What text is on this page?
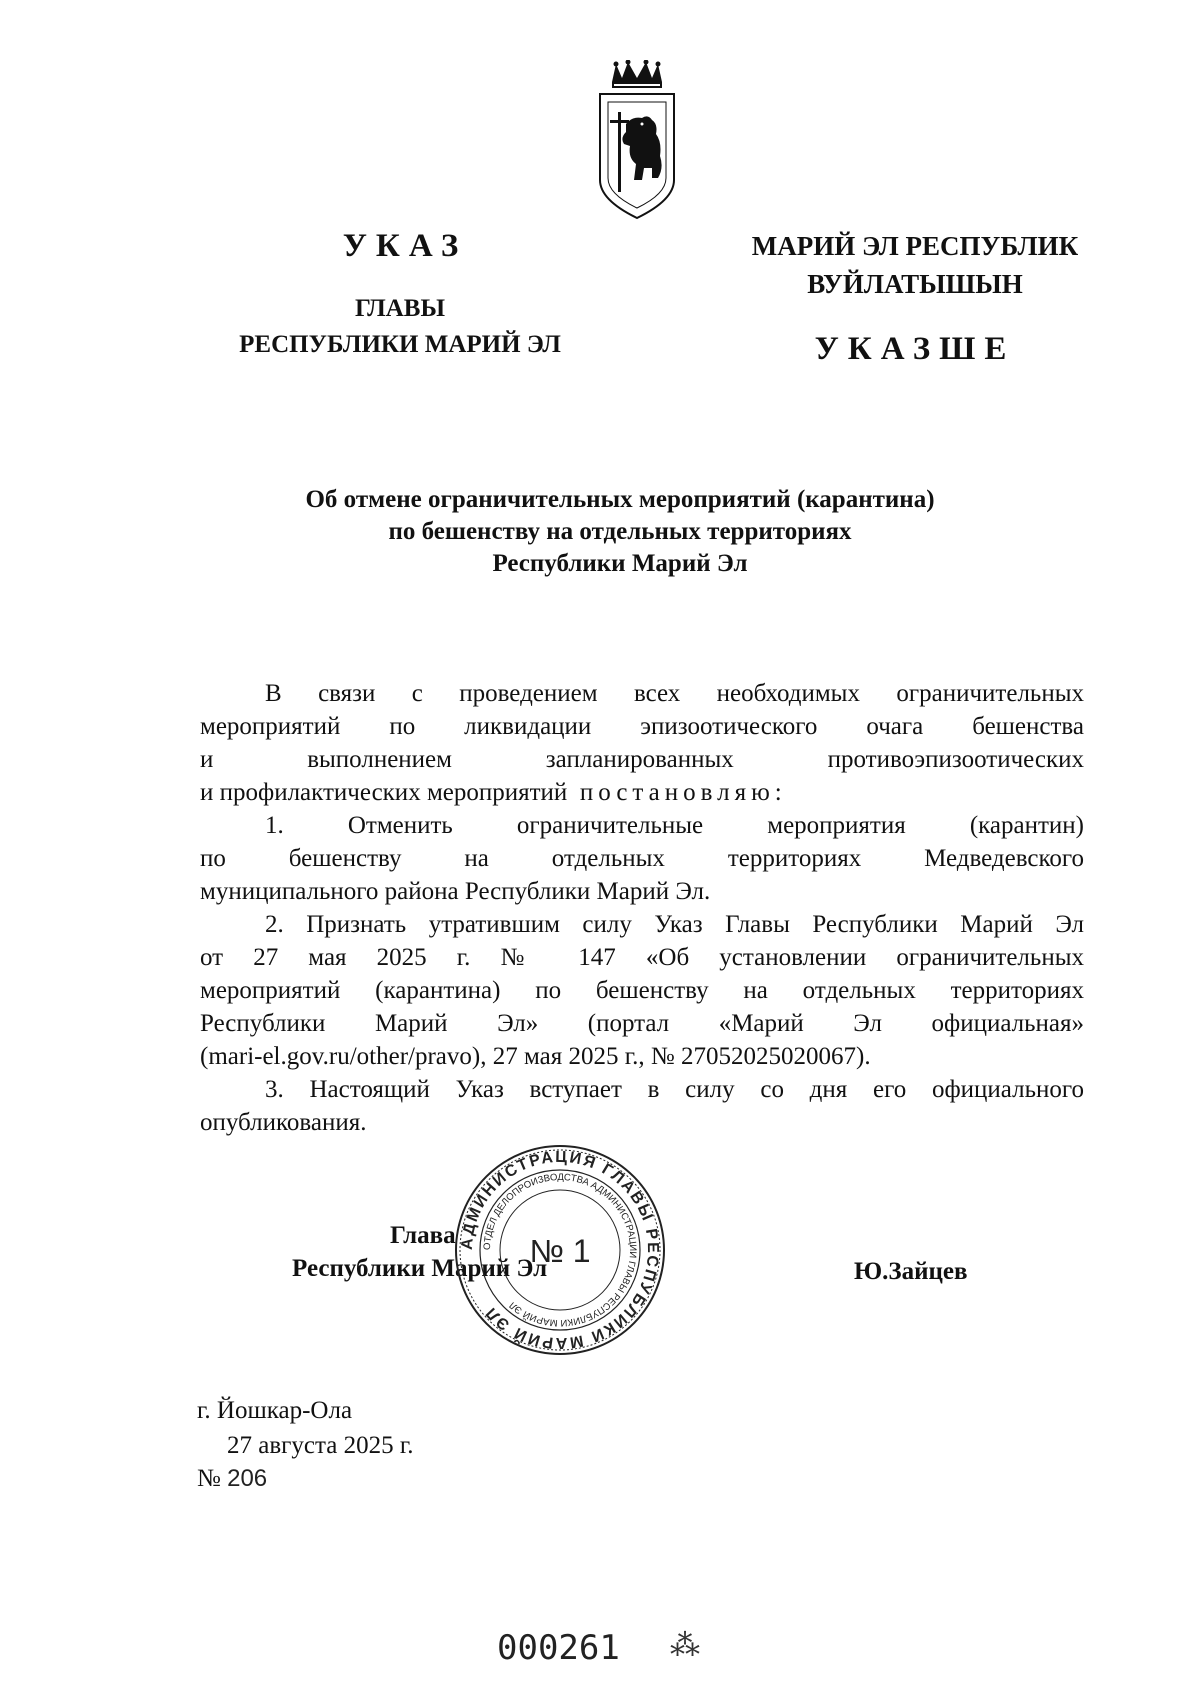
УКАЗ
ГЛАВЫ
РЕСПУБЛИКИ МАРИЙ ЭЛ
МАРИЙ ЭЛ РЕСПУБЛИК
ВУЙЛАТЫШЫН
УКАЗШЕ
Об отмене ограничительных мероприятий (карантина)
по бешенству на отдельных территориях
Республики Марий Эл
В связи с проведением всех необходимых ограничительных
мероприятий по ликвидации эпизоотического очага бешенства
и выполнением запланированных противоэпизоотических
и профилактических мероприятий постановляю:
1. Отменить ограничительные мероприятия (карантин)
по бешенству на отдельных территориях Медведевского
муниципального района Республики Марий Эл.
2. Признать утратившим силу Указ Главы Республики Марий Эл
от 27 мая 2025 г. № 147 «Об установлении ограничительных
мероприятий (карантина) по бешенству на отдельных территориях
Республики Марий Эл» (портал «Марий Эл официальная»
(mari-el.gov.ru/other/pravo), 27 мая 2025 г., № 27052025020067).
3. Настоящий Указ вступает в силу со дня его официального
опубликования.
Глава
Республики Марий Эл	Ю.Зайцев
АДМИНИСТРАЦИЯ ГЛАВЫ РЕСПУБЛИКИ МАРИЙ ЭЛ
ОТДЕЛ ДЕЛОПРОИЗВОДСТВА АДМИНИСТРАЦИИ ГЛАВЫ РЕСПУБЛИКИ МАРИЙ ЭЛ
№ 1
г. Йошкар-Ола
27 августа 2025 г.
№ 206
000261 ⁂
